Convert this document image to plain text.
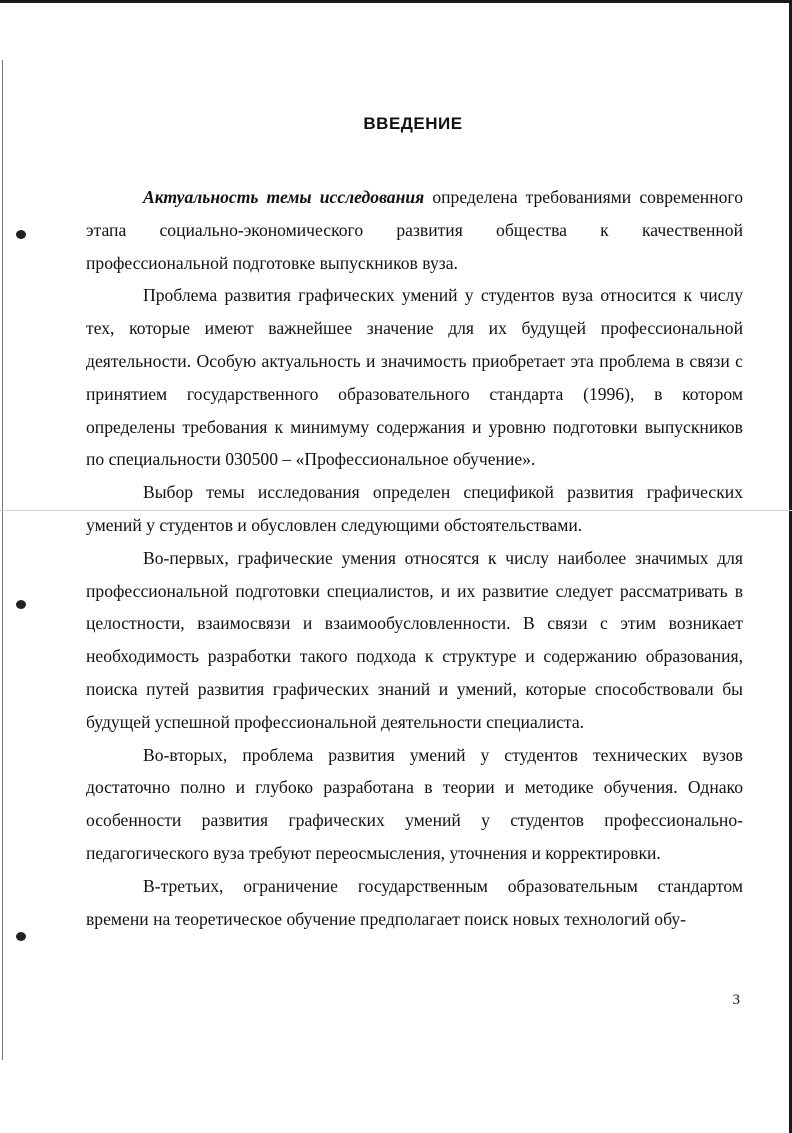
ВВЕДЕНИЕ

Актуальность темы исследования определена требованиями современного этапа социально-экономического развития общества к качественной профессиональной подготовке выпускников вуза.

Проблема развития графических умений у студентов вуза относится к числу тех, которые имеют важнейшее значение для их будущей профессиональной деятельности. Особую актуальность и значимость приобретает эта проблема в связи с принятием государственного образовательного стандарта (1996), в котором определены требования к минимуму содержания и уровню подготовки выпускников по специальности 030500 – «Профессиональное обучение».

Выбор темы исследования определен спецификой развития графических умений у студентов и обусловлен следующими обстоятельствами.

Во-первых, графические умения относятся к числу наиболее значимых для профессиональной подготовки специалистов, и их развитие следует рассматривать в целостности, взаимосвязи и взаимообусловленности. В связи с этим возникает необходимость разработки такого подхода к структуре и содержанию образования, поиска путей развития графических знаний и умений, которые способствовали бы будущей успешной профессиональной деятельности специалиста.

Во-вторых, проблема развития умений у студентов технических вузов достаточно полно и глубоко разработана в теории и методике обучения. Однако особенности развития графических умений у студентов профессионально-педагогического вуза требуют переосмысления, уточнения и корректировки.

В-третьих, ограничение государственным образовательным стандартом времени на теоретическое обучение предполагает поиск новых технологий обу-

3
